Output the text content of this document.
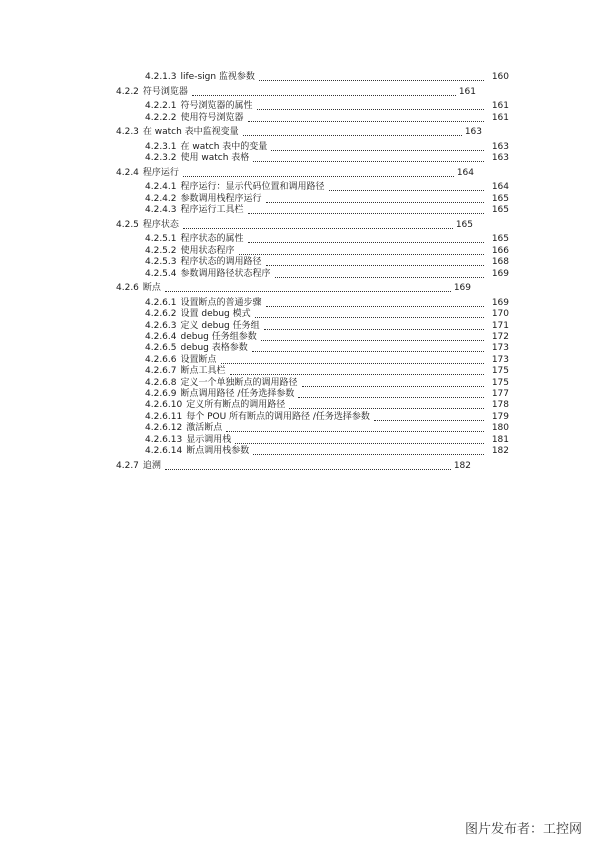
4.2.1.3 life-sign 监视参数	160
4.2.2 符号浏览器	161
4.2.2.1 符号浏览器的属性	161
4.2.2.2 使用符号浏览器	161
4.2.3 在 watch 表中监视变量	163
4.2.3.1 在 watch 表中的变量	163
4.2.3.2 使用 watch 表格	163
4.2.4 程序运行	164
4.2.4.1 程序运行：显示代码位置和调用路径	164
4.2.4.2 参数调用栈程序运行	165
4.2.4.3 程序运行工具栏	165
4.2.5 程序状态	165
4.2.5.1 程序状态的属性	165
4.2.5.2 使用状态程序	166
4.2.5.3 程序状态的调用路径	168
4.2.5.4 参数调用路径状态程序	169
4.2.6 断点	169
4.2.6.1 设置断点的普通步骤	169
4.2.6.2 设置 debug 模式	170
4.2.6.3 定义 debug 任务组	171
4.2.6.4 debug 任务组参数	172
4.2.6.5 debug 表格参数	173
4.2.6.6 设置断点	173
4.2.6.7 断点工具栏	175
4.2.6.8 定义一个单独断点的调用路径	175
4.2.6.9 断点调用路径 /任务选择参数	177
4.2.6.10 定义所有断点的调用路径	178
4.2.6.11 每个 POU 所有断点的调用路径 /任务选择参数	179
4.2.6.12 激活断点	180
4.2.6.13 显示调用栈	181
4.2.6.14 断点调用栈参数	182
4.2.7 追溯	182
图片发布者：工控网
